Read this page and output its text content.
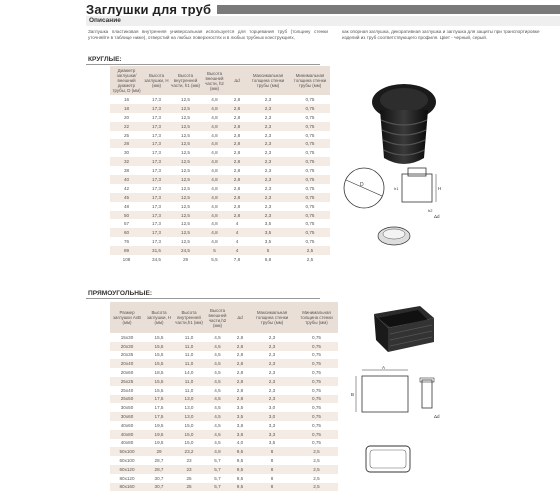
Заглушки для труб
Описание
Заглушка пластиковая внутренняя универсальная используется для торцевания труб (толщину стенки уточняйте в таблице ниже), отверстий на любых поверхностях и в любых трубных конструкциях,
как опорная заглушка, декоративная заглушка и заглушка для защиты при транспортировке изделий из труб соответствующего профиля. Цвет - черный, серый.
КРУГЛЫЕ:
Диаметр заглушки/ внешний диаметр трубы, D (мм)	Высота заглушки, H (мм)	Высота внутренней части, h1 (мм)	Высота внешней части, h2 (мм)	Δd	Максимальная толщина стенки трубы (мм)	Минимальная толщина стенки трубы (мм)
16	17,3	12,5	4,8	2,8	2,3	0,75
18	17,3	12,5	4,8	2,8	2,3	0,75
20	17,3	12,5	4,8	2,8	2,3	0,75
22	17,3	12,5	4,8	2,8	2,3	0,75
25	17,3	12,5	4,8	2,8	2,3	0,75
28	17,3	12,5	4,8	2,8	2,3	0,75
30	17,3	12,5	4,8	2,8	2,3	0,75
32	17,3	12,5	4,8	2,8	2,3	0,75
38	17,3	12,5	4,8	2,8	2,3	0,75
40	17,3	12,5	4,8	2,8	2,3	0,75
42	17,3	12,5	4,8	2,8	2,3	0,75
45	17,3	12,5	4,8	2,8	2,3	0,75
48	17,3	12,5	4,8	2,8	2,3	0,75
50	17,3	12,5	4,8	2,8	2,3	0,75
57	17,3	12,5	4,8	4	3,5	0,75
60	17,3	12,5	4,8	4	3,5	0,75
76	17,3	12,5	4,8	4	3,5	0,75
89	31,5	24,5	5	4	5	2,5
108	34,5	29	5,5	7,8	6,8	2,5
ПРЯМОУГОЛЬНЫЕ:
Размер заглушки AxB (мм)	Высота заглушки, H (мм)	Высота внутренней части,h1 (мм)	Высота внешней части,h2 (мм)	Δd	Максимальная толщина стенки трубы (мм)	Минимальная толщина стенки трубы (мм)
15x30	15,5	11,0	4,5	2,8	2,3	0,75
20x30	15,5	11,0	4,5	2,8	2,3	0,75
20x35	15,5	11,0	4,5	2,8	2,3	0,75
20x40	15,5	11,0	4,5	2,8	2,3	0,75
20x60	18,5	14,0	4,5	2,8	2,3	0,75
25x25	15,5	11,0	4,5	2,8	2,3	0,75
25x40	15,5	11,0	4,5	2,8	2,3	0,75
25x50	17,5	13,0	4,5	2,8	2,3	0,75
30x50	17,5	13,0	4,5	3,5	3,0	0,75
30x60	17,5	13,0	4,5	3,5	3,0	0,75
40x60	19,5	15,0	4,5	3,8	3,3	0,75
40x80	19,5	15,0	4,5	3,8	3,3	0,75
40x80	19,5	15,0	4,5	4,0	3,5	0,75
50x100	29	23,2	4,8	9,5	8	2,5
60x100	28,7	23	5,7	9,5	8	2,5
60x120	28,7	23	5,7	9,5	8	2,5
80x120	30,7	25	5,7	9,5	8	2,5
80x160	30,7	25	5,7	9,5	8	2,5
D
H
h1
h2
Δd
A
B
Δd
